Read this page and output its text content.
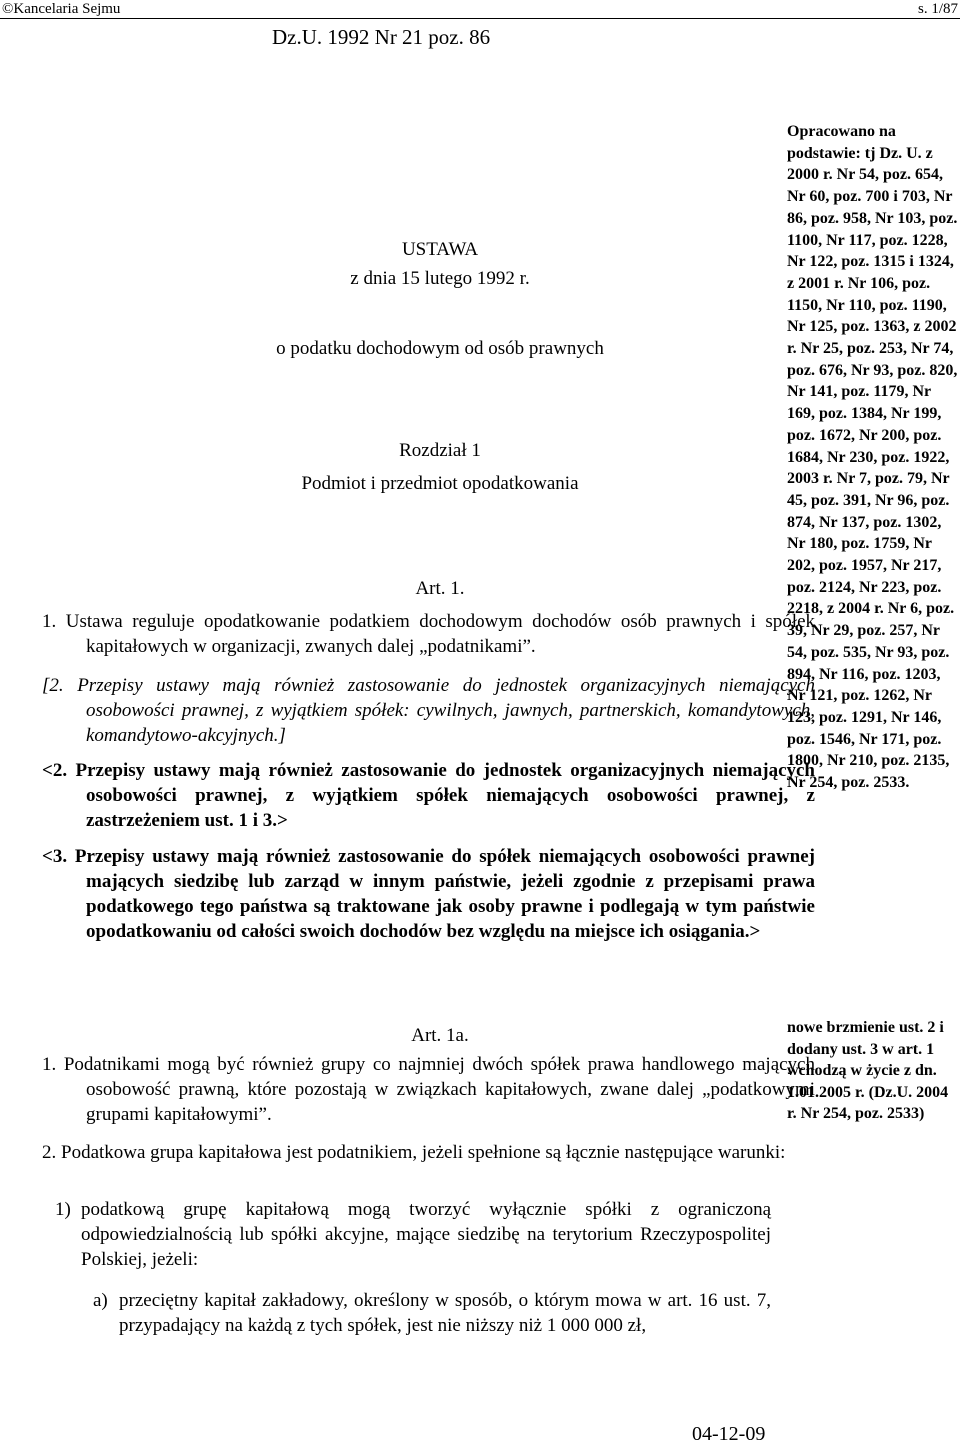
©Kancelaria Sejmu	s. 1/87
Dz.U. 1992 Nr 21 poz. 86
USTAWA
z dnia 15 lutego 1992 r.
o podatku dochodowym od osób prawnych
Rozdział 1
Podmiot i przedmiot opodatkowania
Art. 1.
1. Ustawa reguluje opodatkowanie podatkiem dochodowym dochodów osób prawnych i spółek kapitałowych w organizacji, zwanych dalej „podatnikami”.
[2. Przepisy ustawy mają również zastosowanie do jednostek organizacyjnych niemających osobowości prawnej, z wyjątkiem spółek: cywilnych, jawnych, partnerskich, komandytowych, komandytowo-akcyjnych.]
<2. Przepisy ustawy mają również zastosowanie do jednostek organizacyjnych niemających osobowości prawnej, z wyjątkiem spółek niemających osobowości prawnej, z zastrzeżeniem ust. 1 i 3.>
<3. Przepisy ustawy mają również zastosowanie do spółek niemających osobowości prawnej mających siedzibę lub zarząd w innym państwie, jeżeli zgodnie z przepisami prawa podatkowego tego państwa są traktowane jak osoby prawne i podlegają w tym państwie opodatkowaniu od całości swoich dochodów bez względu na miejsce ich osiągania.>
Opracowano na podstawie: tj Dz. U. z 2000 r. Nr 54, poz. 654, Nr 60, poz. 700 i 703, Nr 86, poz. 958, Nr 103, poz. 1100, Nr 117, poz. 1228, Nr 122, poz. 1315 i 1324, z 2001 r. Nr 106, poz. 1150, Nr 110, poz. 1190, Nr 125, poz. 1363, z 2002 r. Nr 25, poz. 253, Nr 74, poz. 676, Nr 93, poz. 820, Nr 141, poz. 1179, Nr 169, poz. 1384, Nr 199, poz. 1672, Nr 200, poz. 1684, Nr 230, poz. 1922, 2003 r. Nr 7, poz. 79, Nr 45, poz. 391, Nr 96, poz. 874, Nr 137, poz. 1302, Nr 180, poz. 1759, Nr 202, poz. 1957, Nr 217, poz. 2124, Nr 223, poz. 2218, z 2004 r. Nr 6, poz. 39, Nr 29, poz. 257, Nr 54, poz. 535, Nr 93, poz. 894, Nr 116, poz. 1203, Nr 121, poz. 1262, Nr 123, poz. 1291, Nr 146, poz. 1546, Nr 171, poz. 1800, Nr 210, poz. 2135, Nr 254, poz. 2533.
Art. 1a.
1. Podatnikami mogą być również grupy co najmniej dwóch spółek prawa handlowego mających osobowość prawną, które pozostają w związkach kapitałowych, zwane dalej „podatkowymi grupami kapitałowymi”.
2. Podatkowa grupa kapitałowa jest podatnikiem, jeżeli spełnione są łącznie następujące warunki:
1) podatkową grupę kapitałową mogą tworzyć wyłącznie spółki z ograniczoną odpowiedzialnością lub spółki akcyjne, mające siedzibę na terytorium Rzeczypospolitej Polskiej, jeżeli:
a) przeciętny kapitał zakładowy, określony w sposób, o którym mowa w art. 16 ust. 7, przypadający na każdą z tych spółek, jest nie niższy niż 1 000 000 zł,
nowe brzmienie ust. 2 i dodany ust. 3 w art. 1 wchodzą w życie z dn. 1.01.2005 r. (Dz.U. 2004 r. Nr 254, poz. 2533)
04-12-09
